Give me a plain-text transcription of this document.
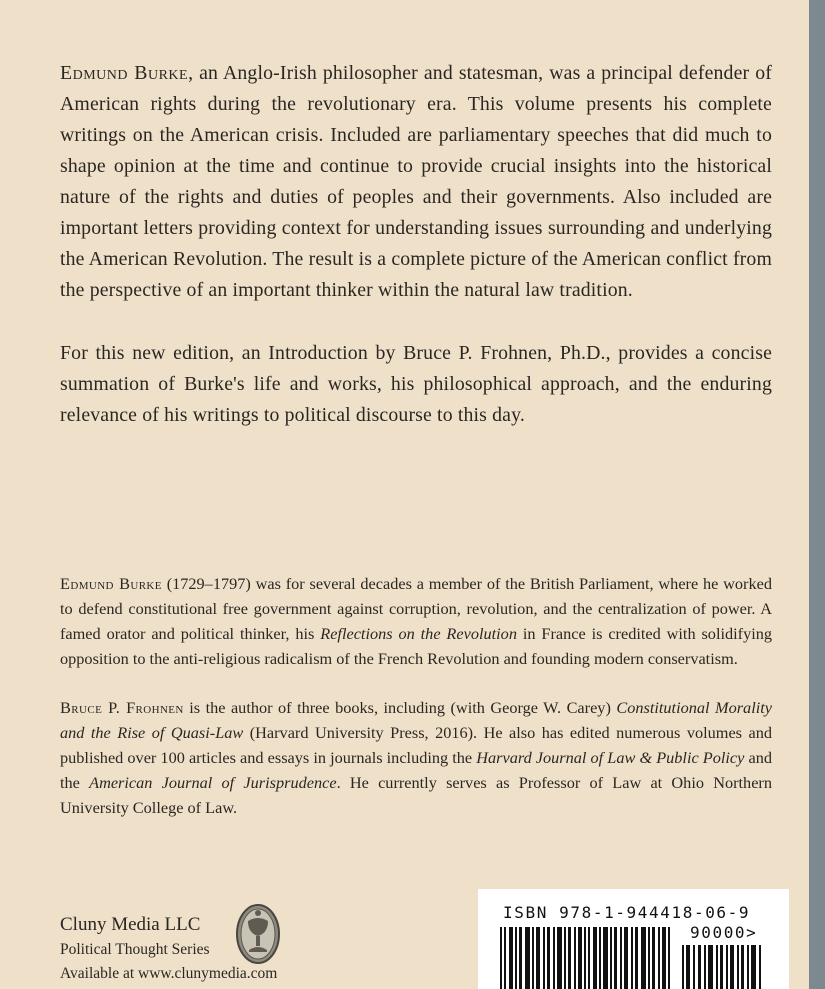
Edmund Burke, an Anglo-Irish philosopher and statesman, was a principal defender of American rights during the revolutionary era. This volume presents his complete writings on the American crisis. Included are parliamentary speeches that did much to shape opinion at the time and continue to provide crucial insights into the historical nature of the rights and duties of peoples and their governments. Also included are important letters providing context for understanding issues surrounding and underlying the American Revolution. The result is a complete picture of the American conflict from the perspective of an important thinker within the natural law tradition.

For this new edition, an Introduction by Bruce P. Frohnen, Ph.D., provides a concise summation of Burke's life and works, his philosophical approach, and the enduring relevance of his writings to political discourse to this day.

Edmund Burke (1729–1797) was for several decades a member of the British Parliament, where he worked to defend constitutional free government against corruption, revolution, and the centralization of power. A famed orator and political thinker, his Reflections on the Revolution in France is credited with solidifying opposition to the anti-religious radicalism of the French Revolution and founding modern conservatism.

Bruce P. Frohnen is the author of three books, including (with George W. Carey) Constitutional Morality and the Rise of Quasi-Law (Harvard University Press, 2016). He also has edited numerous volumes and published over 100 articles and essays in journals including the Harvard Journal of Law & Public Policy and the American Journal of Jurisprudence. He currently serves as Professor of Law at Ohio Northern University College of Law.

Cluny Media LLC
Political Thought Series
Available at www.clunymedia.com
ISBN 978-1-944418-06-9
90000>
